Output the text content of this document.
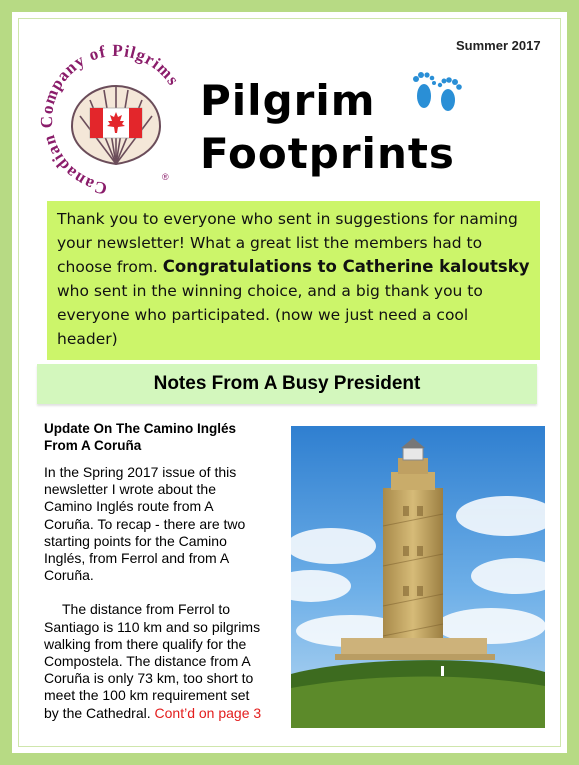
Summer 2017
Canadian Company of Pilgrims
®
Pilgrim
Footprints
Thank you to everyone who sent in suggestions for naming your newsletter! What a great list the members had to choose from. Congratulations to Catherine kaloutsky who sent in the winning choice, and a big thank you to everyone who participated. (now we just need a cool header)
Notes From A Busy President
Update On The Camino Inglés From A Coruña

In the Spring 2017 issue of this newsletter I wrote about the Camino Inglés route from A Coruña. To recap - there are two starting points for the Camino Inglés, from Ferrol and from A Coruña.

The distance from Ferrol to Santiago is 110 km and so pilgrims walking from there qualify for the Compostela. The distance from A Coruña is only 73 km, too short to meet the 100 km requirement set by the Cathedral. Cont’d on page 3
